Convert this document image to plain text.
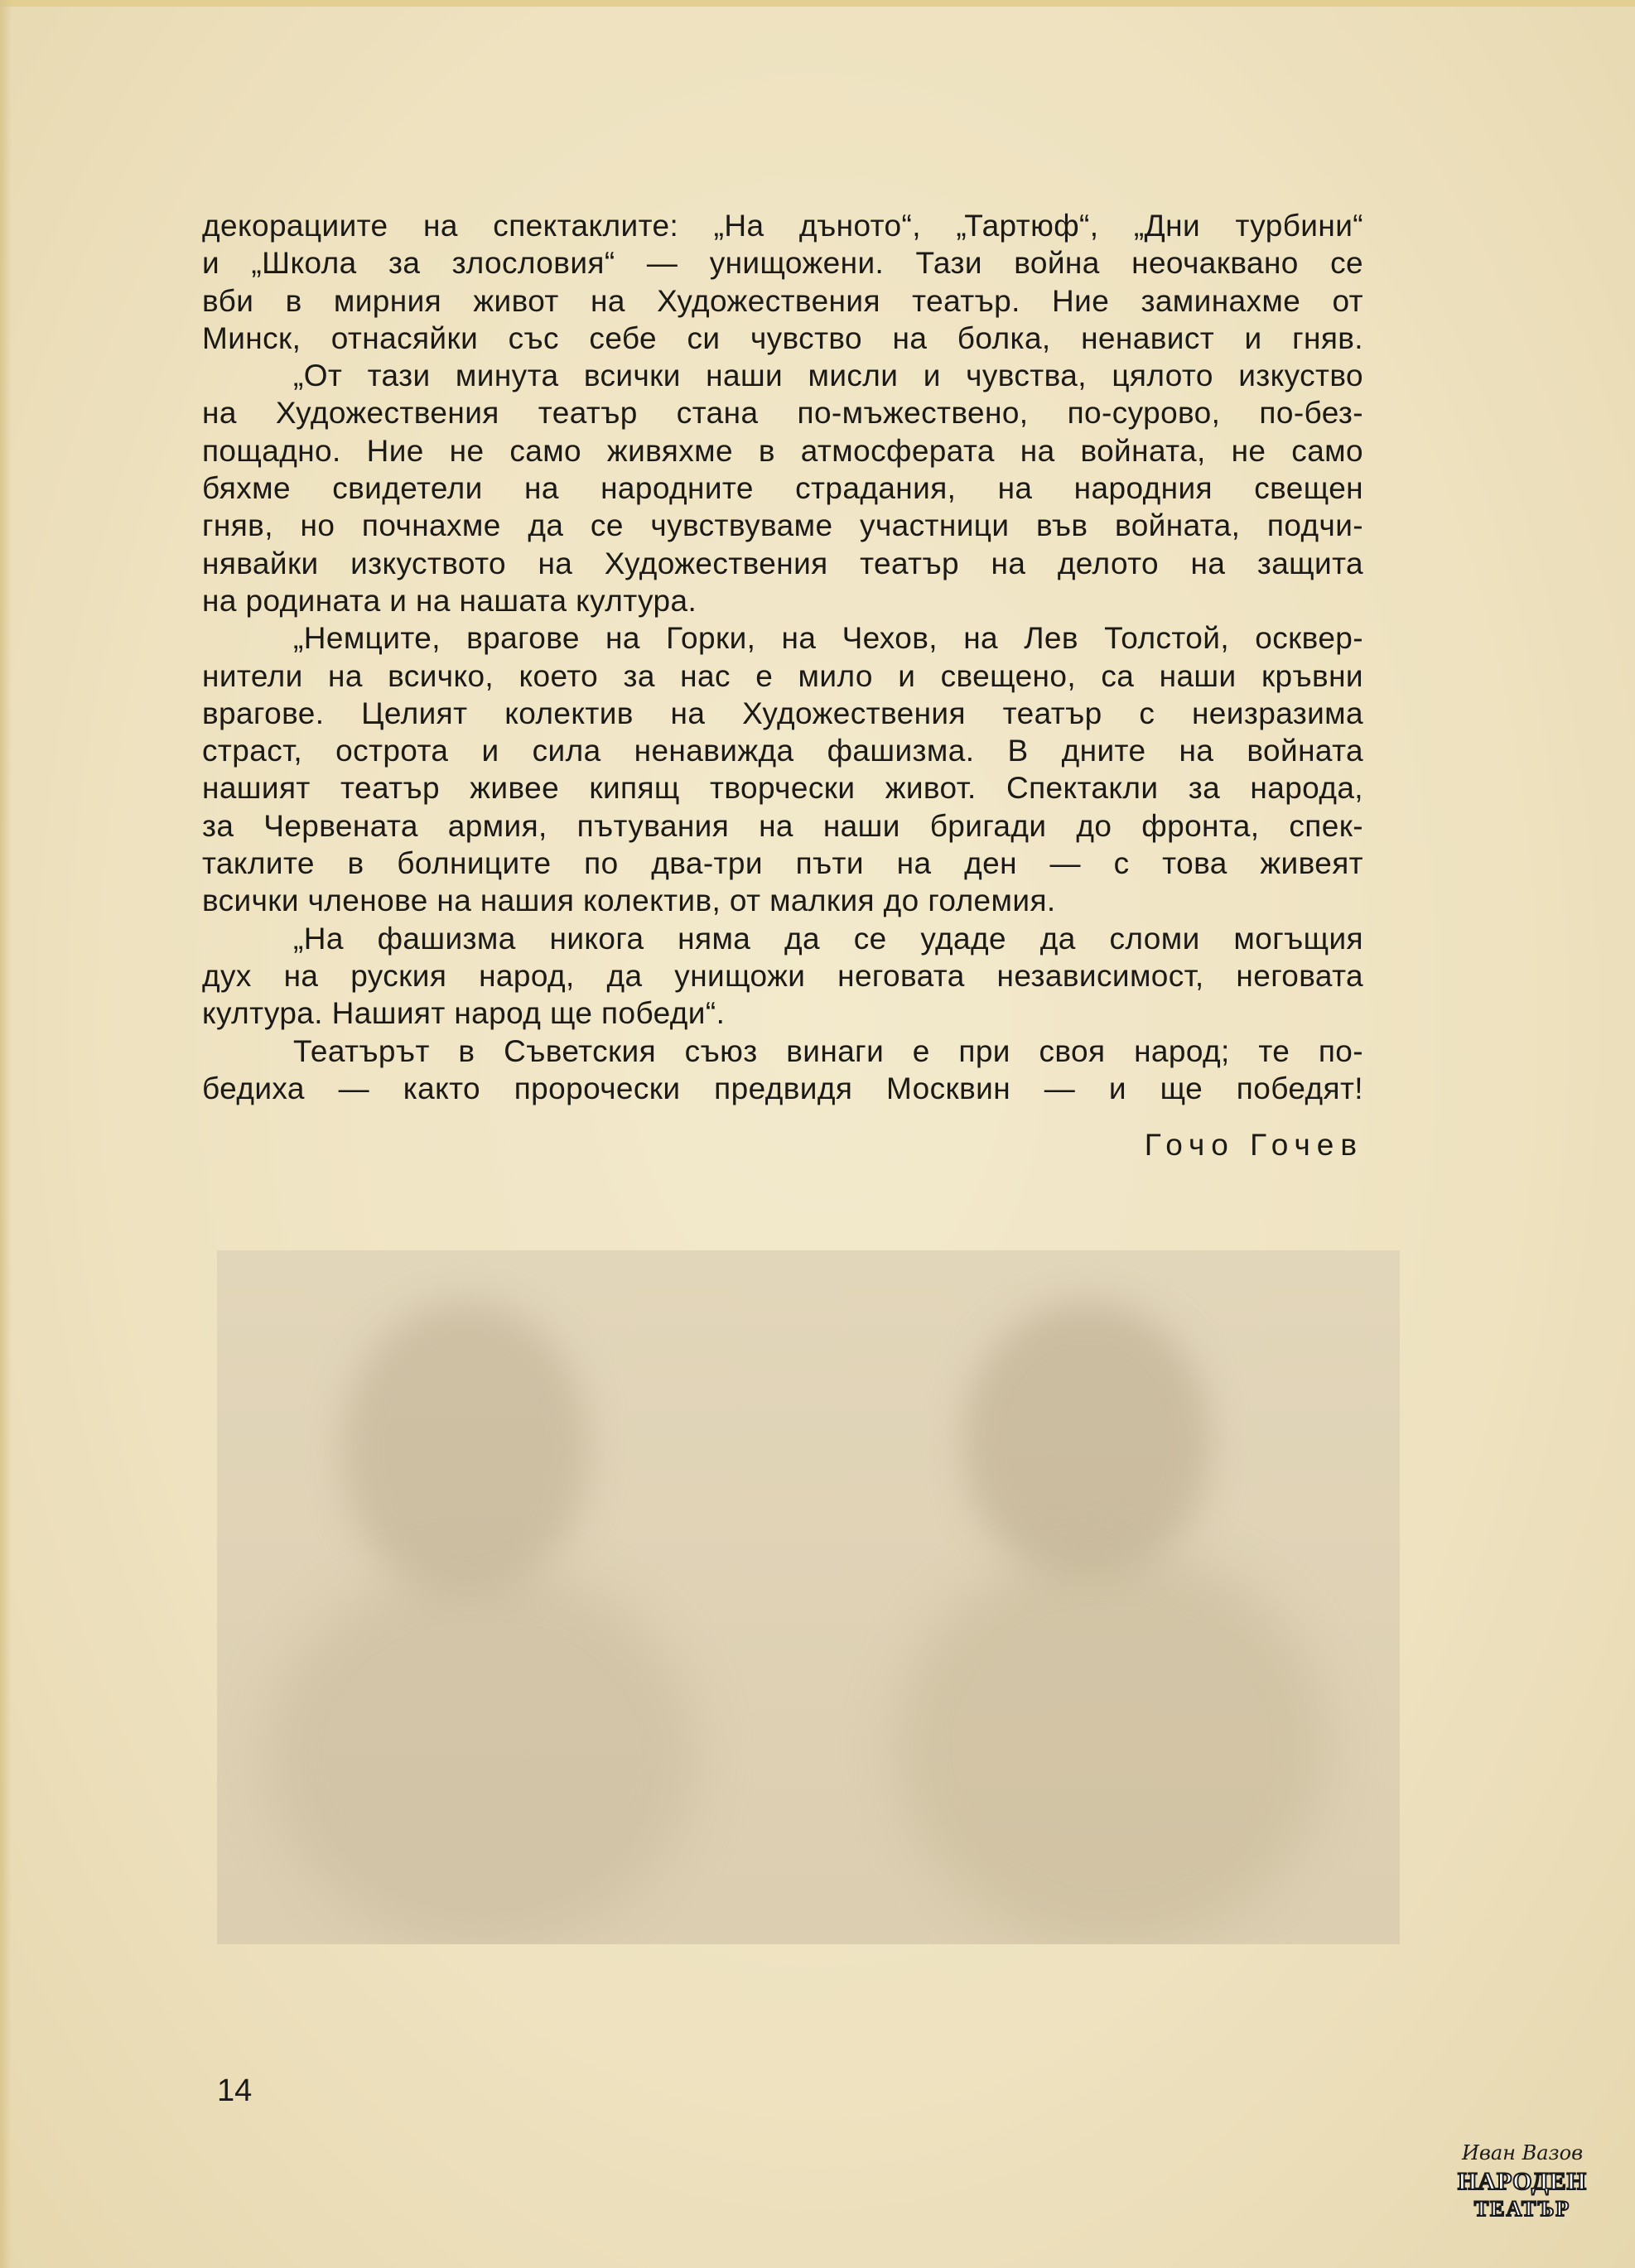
декорациите на спектаклите: „На дъното“, „Тартюф“, „Дни турбини“
и „Школа за злословия“ — унищожени. Тази война неочаквано се
вби в мирния живот на Художествения театър. Ние заминахме от
Минск, отнасяйки със себе си чувство на болка, ненавист и гняв.

„От тази минута всички наши мисли и чувства, цялото изкуство
на Художествения театър стана по-мъжествено, по-сурово, по-без-
пощадно. Ние не само живяхме в атмосферата на войната, не само
бяхме свидетели на народните страдания, на народния свещен
гняв, но почнахме да се чувствуваме участници във войната, подчи-
нявайки изкуството на Художествения театър на делото на защита
на родината и на нашата култура.

„Немците, врагове на Горки, на Чехов, на Лев Толстой, осквер-
нители на всичко, което за нас е мило и свещено, са наши кръвни
врагове. Целият колектив на Художествения театър с неизразима
страст, острота и сила ненавижда фашизма. В дните на войната
нашият театър живее кипящ творчески живот. Спектакли за народа,
за Червената армия, пътувания на наши бригади до фронта, спек-
таклите в болниците по два-три пъти на ден — с това живеят
всички членове на нашия колектив, от малкия до големия.

„На фашизма никога няма да се удаде да сломи могъщия
дух на руския народ, да унищожи неговата независимост, неговата
култура. Нашият народ ще победи“.

Театърът в Съветския съюз винаги е при своя народ; те по-
бедиха — както пророчески предвидя Москвин — и ще победят!

Гочо Гочев
14
Иван Вазов
НАРОДЕН
ТЕАТЪР
